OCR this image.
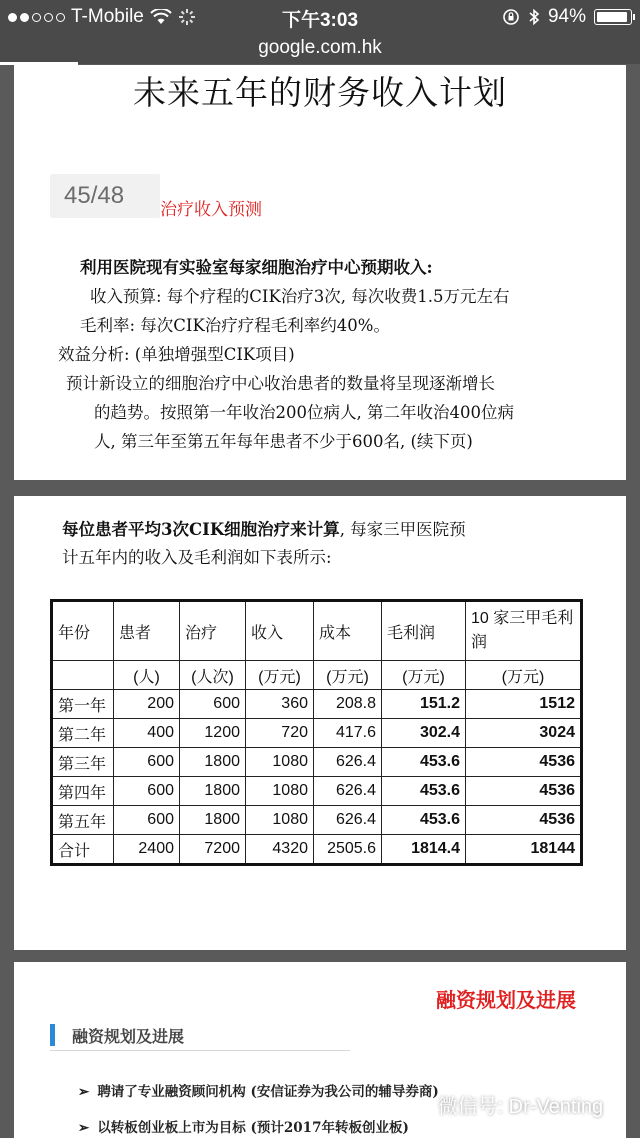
T-Mobile	下午3:03	94%
google.com.hk
未来五年的财务收入计划
45/48
治疗收入预测

利用医院现有实验室每家细胞治疗中心预期收入:

收入预算: 每个疗程的CIK治疗3次, 每次收费1.5万元左右

毛利率: 每次CIK治疗疗程毛利率约40%。

效益分析: (单独增强型CIK项目)

预计新设立的细胞治疗中心收治患者的数量将呈现逐渐增长

的趋势。按照第一年收治200位病人, 第二年收治400位病

人, 第三年至第五年每年患者不少于600名, (续下页)

每位患者平均3次CIK细胞治疗来计算, 每家三甲医院预
计五年内的收入及毛利润如下表所示:
年份	患者	治疗	收入	成本	毛利润	10 家三甲毛利润
	(人)	(人次)	(万元)	(万元)	(万元)	(万元)
第一年	200	600	360	208.8	151.2	1512
第二年	400	1200	720	417.6	302.4	3024
第三年	600	1800	1080	626.4	453.6	4536
第四年	600	1800	1080	626.4	453.6	4536
第五年	600	1800	1080	626.4	453.6	4536
合计	2400	7200	4320	2505.6	1814.4	18144
融资规划及进展
融资规划及进展
➢ 聘请了专业融资顾问机构 (安信证券为我公司的辅导券商)
➢ 以转板创业板上市为目标 (预计2017年转板创业板)
微信号: Dr-Venting
